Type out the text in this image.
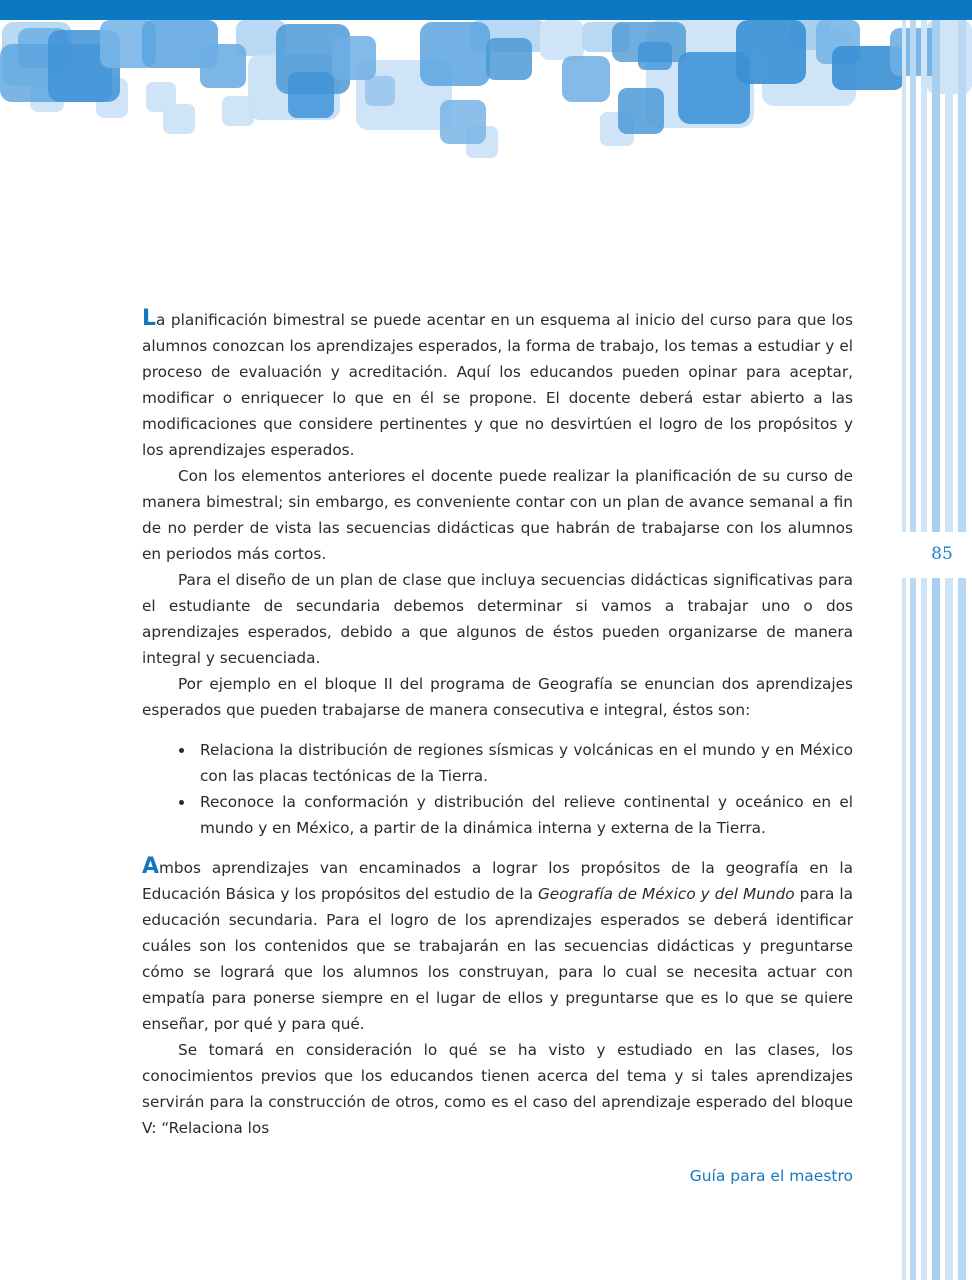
85

La planificación bimestral se puede acentar en un esquema al inicio del curso para que los alumnos conozcan los aprendizajes esperados, la forma de trabajo, los temas a estudiar y el proceso de evaluación y acreditación. Aquí los educandos pueden opinar para aceptar, modificar o enriquecer lo que en él se propone. El docente deberá estar abierto a las modificaciones que considere pertinentes y que no desvirtúen el logro de los propósitos y los aprendizajes esperados.

Con los elementos anteriores el docente puede realizar la planificación de su curso de manera bimestral; sin embargo, es conveniente contar con un plan de avance semanal a fin de no perder de vista las secuencias didácticas que habrán de trabajarse con los alumnos en periodos más cortos.

Para el diseño de un plan de clase que incluya secuencias didácticas significativas para el estudiante de secundaria debemos determinar si vamos a trabajar uno o dos aprendizajes esperados, debido a que algunos de éstos pueden organizarse de manera integral y secuenciada.

Por ejemplo en el bloque II del programa de Geografía se enuncian dos aprendizajes esperados que pueden trabajarse de manera consecutiva e integral, éstos son:

Relaciona la distribución de regiones sísmicas y volcánicas en el mundo y en México con las placas tectónicas de la Tierra.
Reconoce la conformación y distribución del relieve continental y oceánico en el mundo y en México, a partir de la dinámica interna y externa de la Tierra.

Ambos aprendizajes van encaminados a lograr los propósitos de la geografía en la Educación Básica y los propósitos del estudio de la Geografía de México y del Mundo para la educación secundaria. Para el logro de los aprendizajes esperados se deberá identificar cuáles son los contenidos que se trabajarán en las secuencias didácticas y preguntarse cómo se logrará que los alumnos los construyan, para lo cual se necesita actuar con empatía para ponerse siempre en el lugar de ellos y preguntarse que es lo que se quiere enseñar, por qué y para qué.

Se tomará en consideración lo qué se ha visto y estudiado en las clases, los conocimientos previos que los educandos tienen acerca del tema y si tales aprendizajes servirán para la construcción de otros, como es el caso del aprendizaje esperado del bloque V: “Relaciona los

Guía para el maestro
